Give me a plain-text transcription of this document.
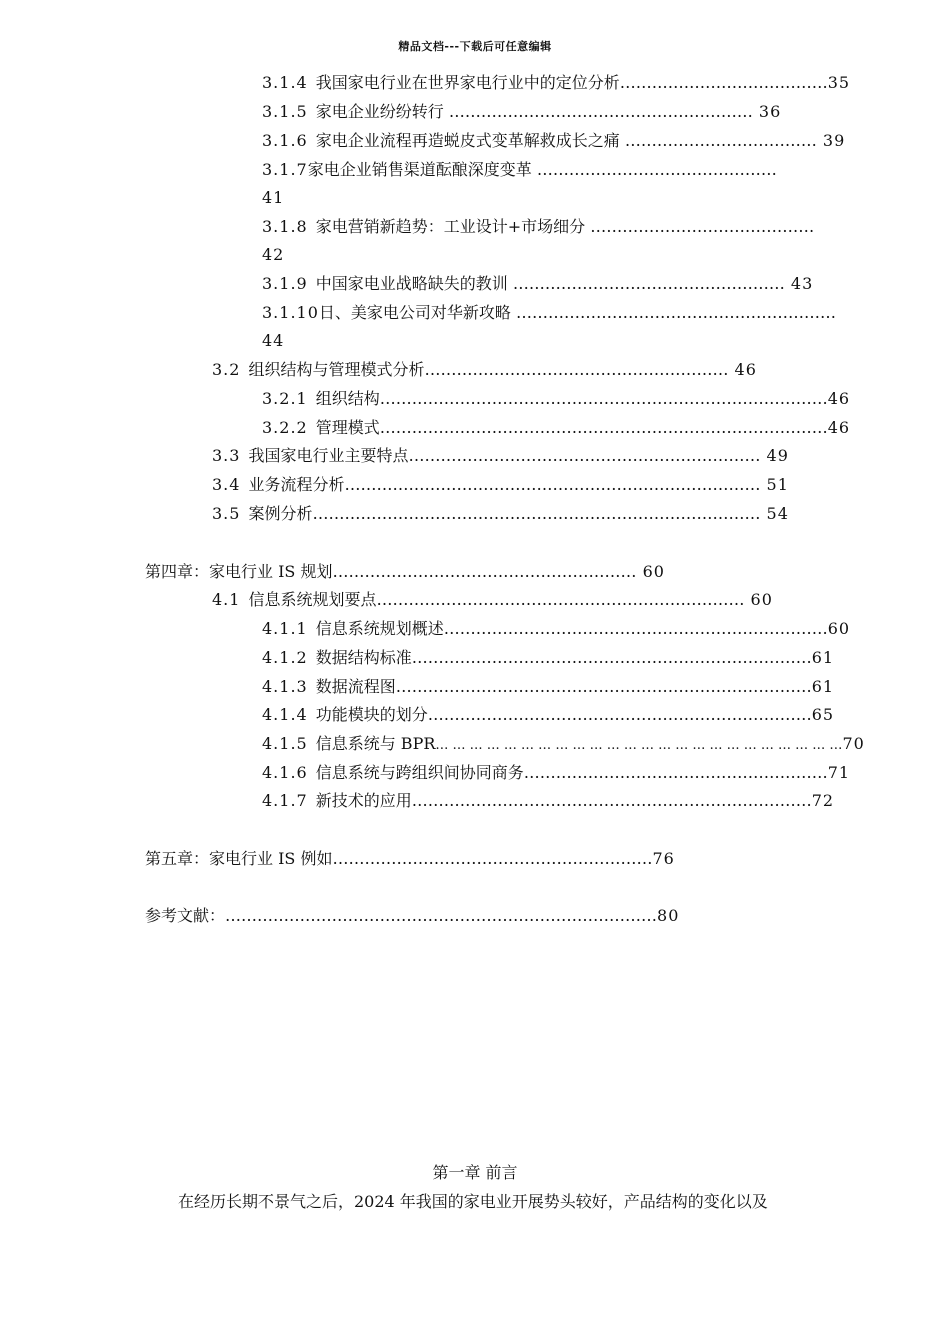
精品文档---下载后可任意编辑
3.1.4 我国家电行业在世界家电行业中的定位分析…………………………………35
3.1.5 家电企业纷纷转行 ………………………………………………… 36
3.1.6 家电企业流程再造蜕皮式变革解救成长之痛 ……………………………… 39
3.1.7家电企业销售渠道酝酿深度变革 ………………………………………
41
3.1.8 家电营销新趋势：工业设计+市场细分 ……………………………………
42
3.1.9 中国家电业战略缺失的教训 …………………………………………… 43
3.1.10日、美家电公司对华新攻略 ……………………………………………………
44
3.2 组织结构与管理模式分析………………………………………………… 46
3.2.1 组织结构…………………………………………………………………………46
3.2.2 管理模式…………………………………………………………………………46
3.3 我国家电行业主要特点………………………………………………………… 49
3.4 业务流程分析…………………………………………………………………… 51
3.5 案例分析………………………………………………………………………… 54
第四章：家电行业 IS 规划………………………………………………… 60
4.1 信息系统规划要点…………………………………………………………… 60
4.1.1 信息系统规划概述………………………………………………………………60
4.1.2 数据结构标准…………………………………………………………………61
4.1.3 数据流程图……………………………………………………………………61
4.1.4 功能模块的划分………………………………………………………………65
4.1.5 信息系统与 BPR… … … … … … … … … … … … … … … … … … … … … … … …70
4.1.6 信息系统与跨组织间协同商务…………………………………………………71
4.1.7 新技术的应用…………………………………………………………………72
第五章：家电行业 IS 例如……………………………………………………76
参考文献：………………………………………………………………………80
第一章 前言
在经历长期不景气之后，2024 年我国的家电业开展势头较好，产品结构的变化以及
